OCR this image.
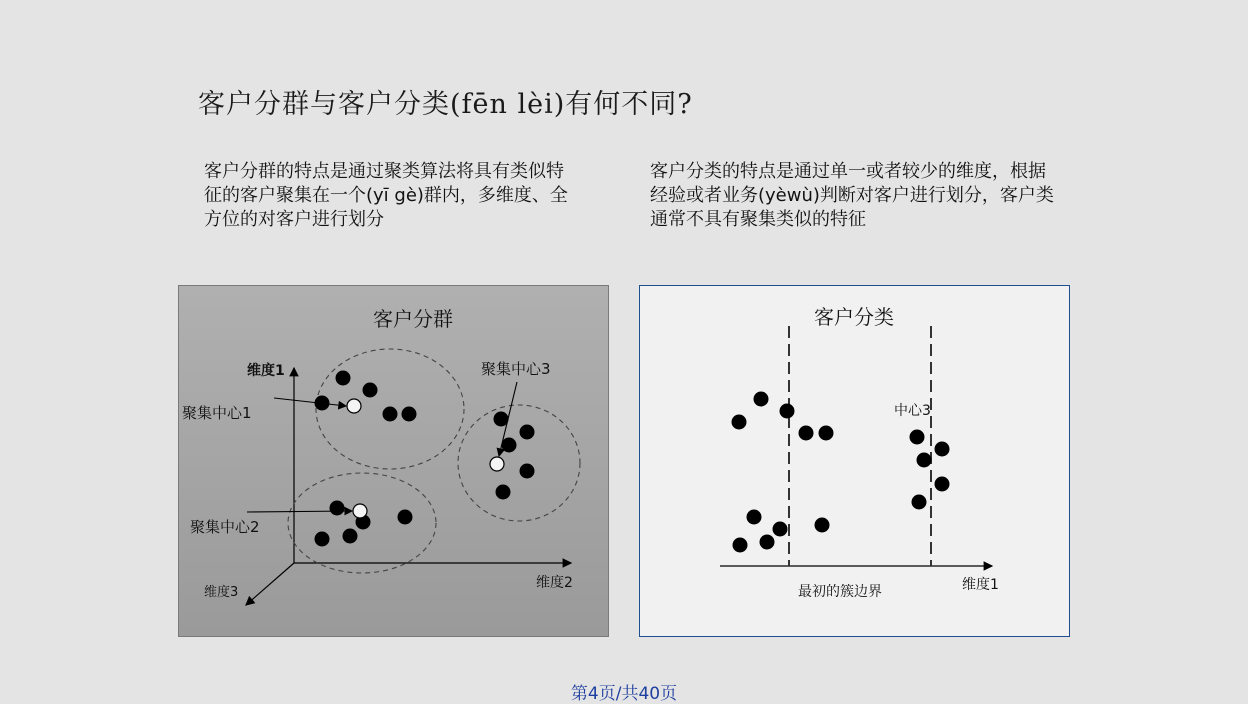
客户分群与客户分类(fēn lèi)有何不同?
客户分群的特点是通过聚类算法将具有类似特征的客户聚集在一个(yī gè)群内，多维度、全方位的对客户进行划分
客户分类的特点是通过单一或者较少的维度，根据经验或者业务(yèwù)判断对客户进行划分，客户类通常不具有聚集类似的特征
客户分群
维度1
维度2
维度3
聚集中心1
聚集中心2
聚集中心3
客户分类
维度1
最初的簇边界
中心3
第4页/共40页
